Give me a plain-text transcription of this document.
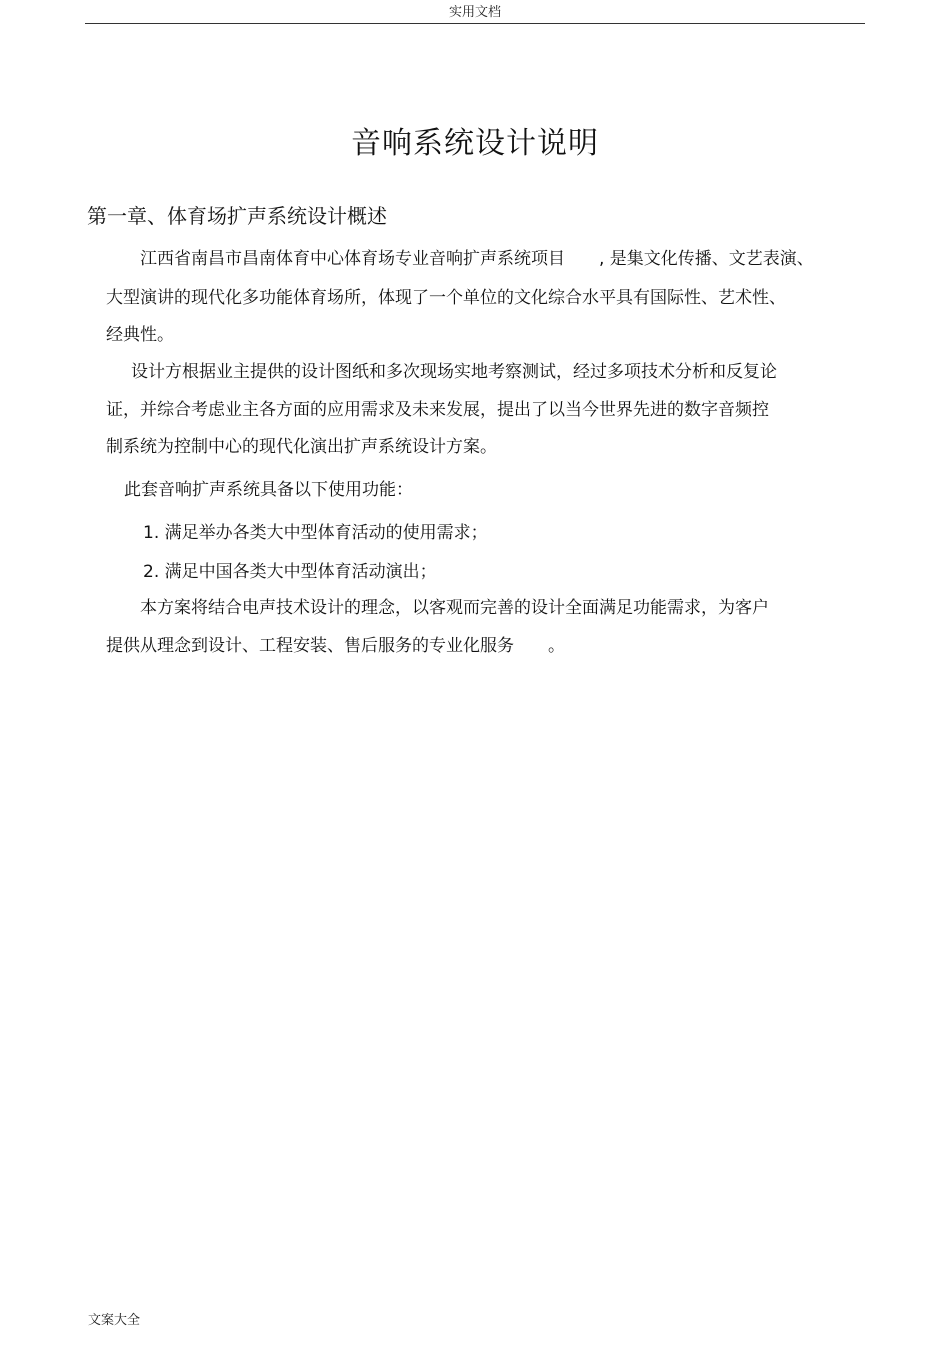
实用文档
音响系统设计说明
第一章、体育场扩声系统设计概述
江西省南昌市昌南体育中心体育场专业音响扩声系统项目　　, 是集文化传播、文艺表演、
大型演讲的现代化多功能体育场所，体现了一个单位的文化综合水平具有国际性、艺术性、
经典性。
设计方根据业主提供的设计图纸和多次现场实地考察测试，经过多项技术分析和反复论
证，并综合考虑业主各方面的应用需求及未来发展，提出了以当今世界先进的数字音频控
制系统为控制中心的现代化演出扩声系统设计方案。
此套音响扩声系统具备以下使用功能：
1. 满足举办各类大中型体育活动的使用需求；
2. 满足中国各类大中型体育活动演出；
本方案将结合电声技术设计的理念，以客观而完善的设计全面满足功能需求，为客户
提供从理念到设计、工程安装、售后服务的专业化服务　　。
文案大全
